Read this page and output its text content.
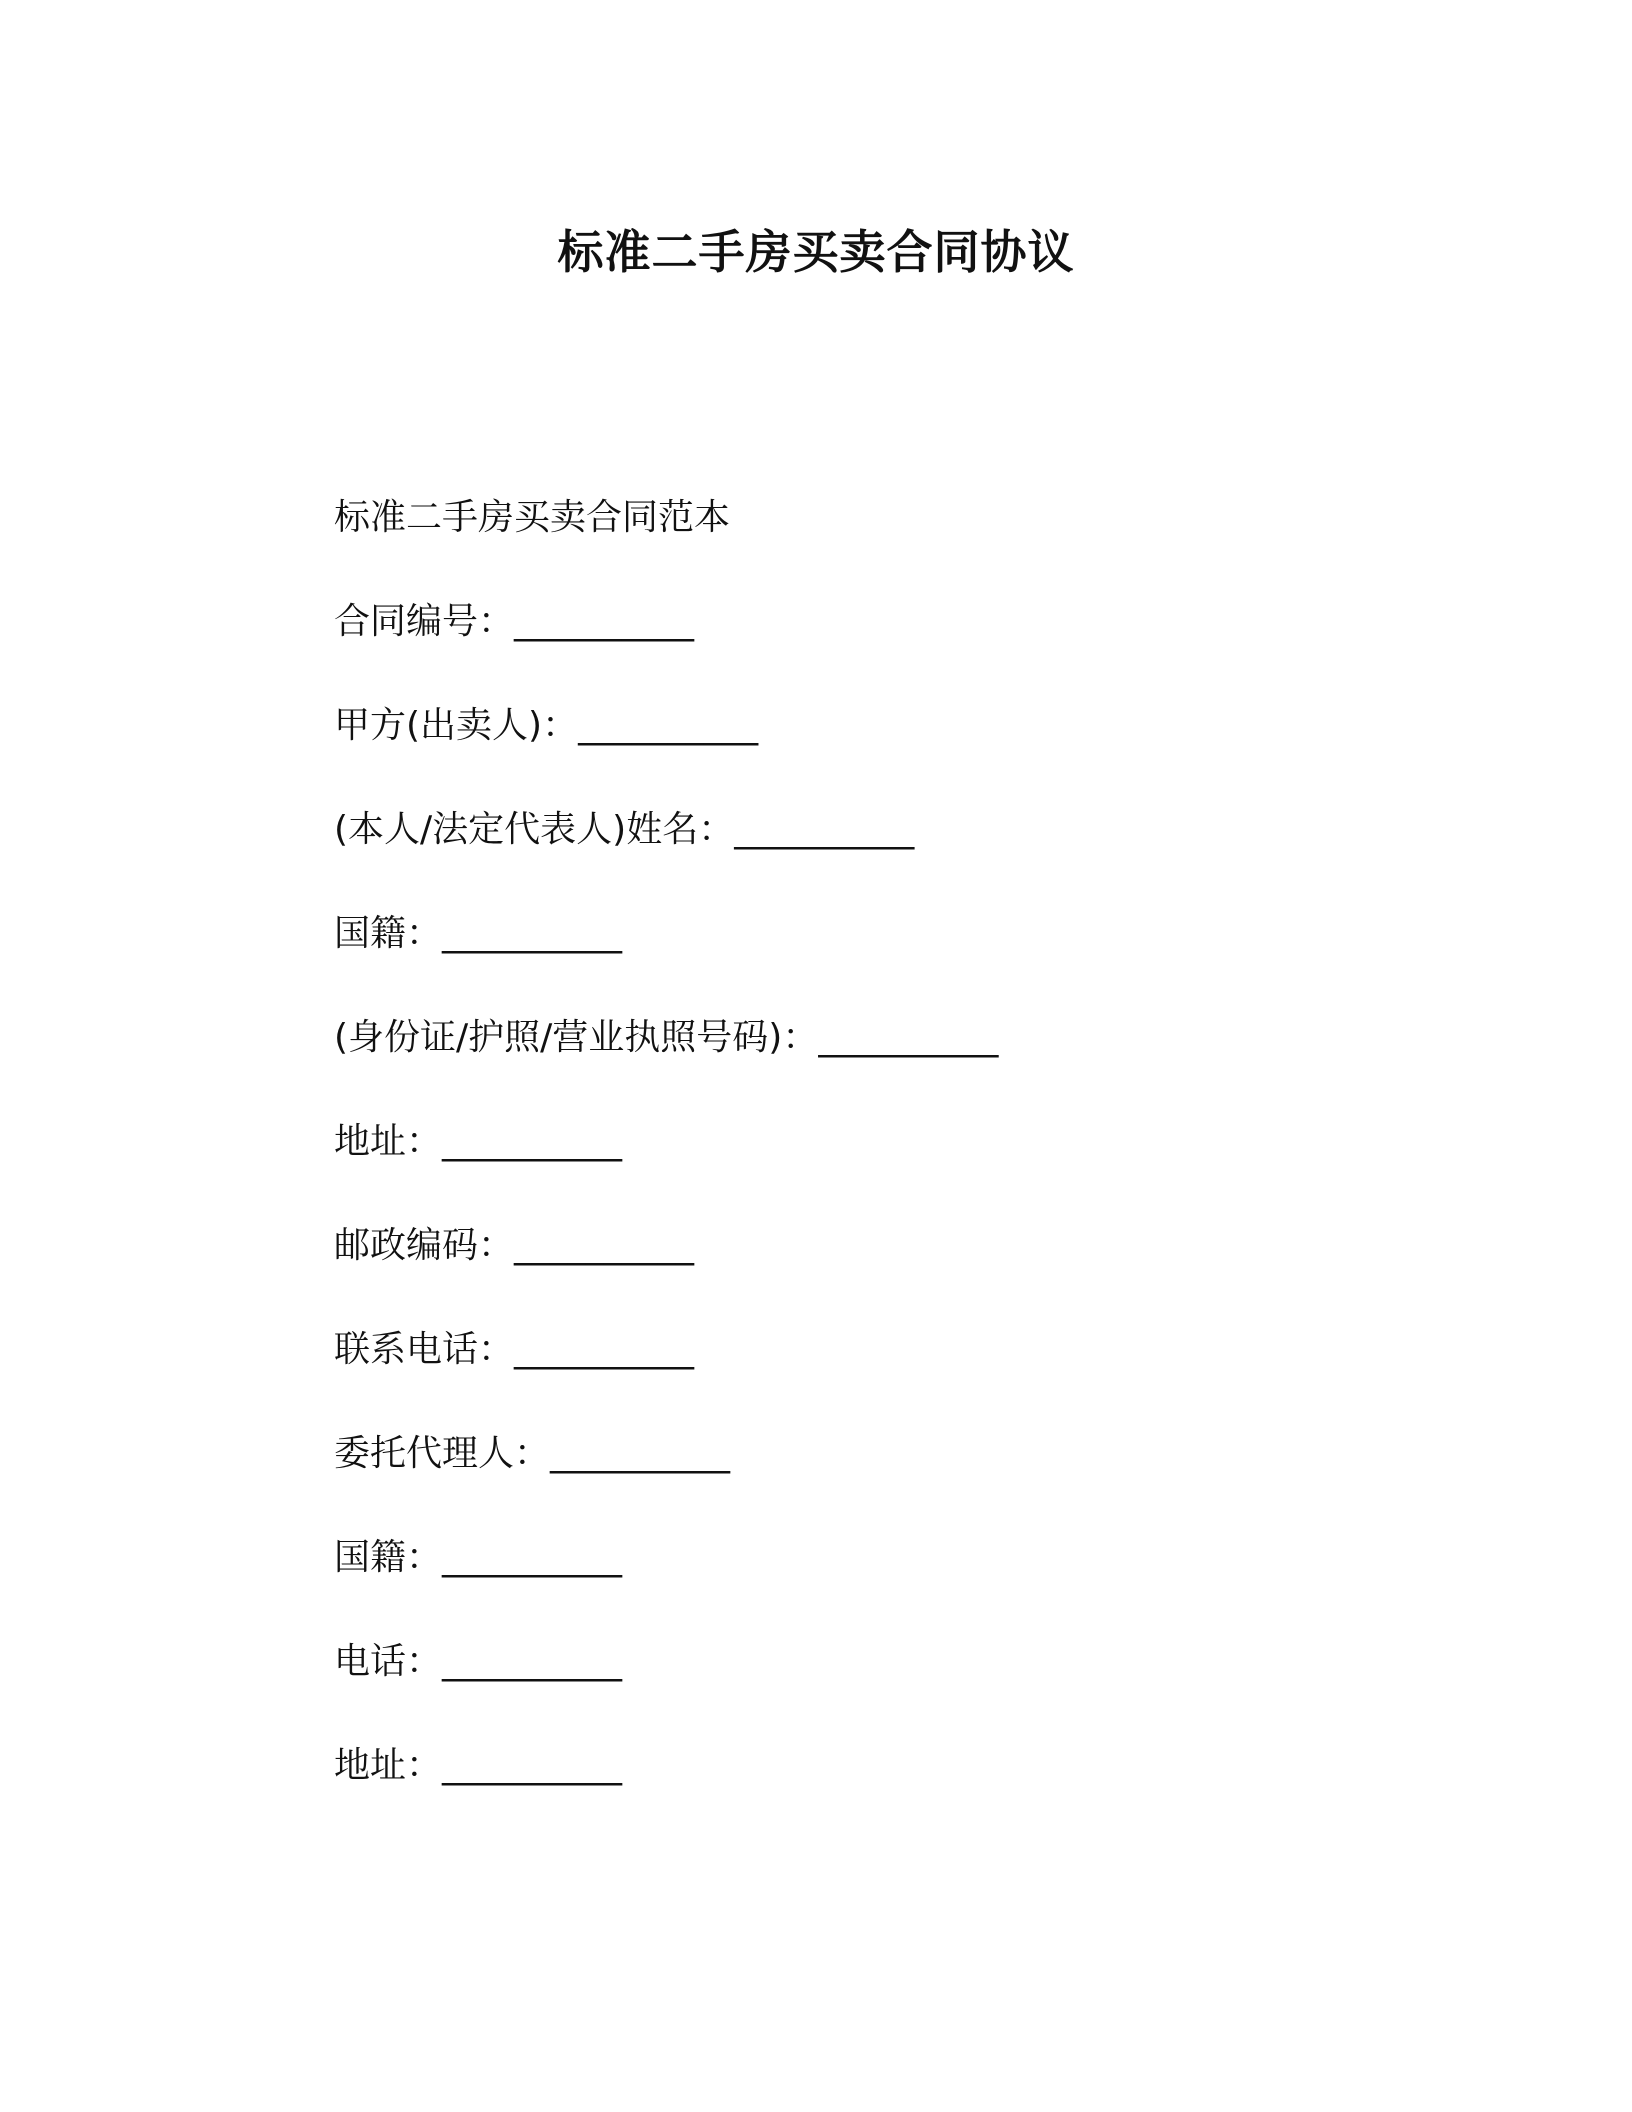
标准二手房买卖合同协议
标准二手房买卖合同范本
合同编号：__________
甲方(出卖人)：__________
(本人/法定代表人)姓名：__________
国籍：__________
(身份证/护照/营业执照号码)：__________
地址：__________
邮政编码：__________
联系电话：__________
委托代理人：__________
国籍：__________
电话：__________
地址：__________
